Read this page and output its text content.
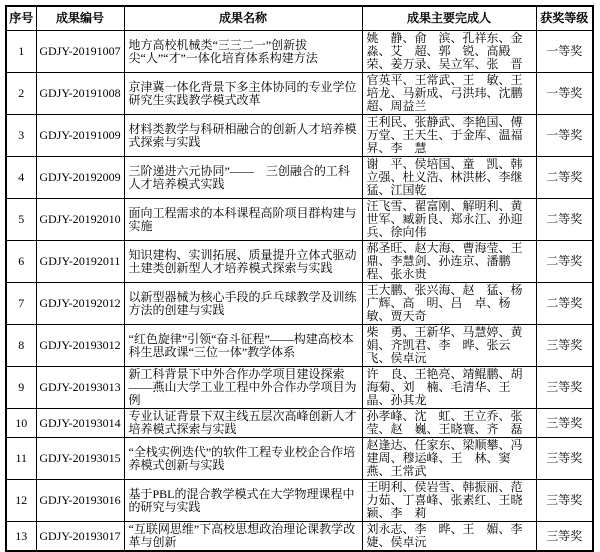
序号	成果编号	成果名称	成果主要完成人	获奖等级
1	GDJY-20191007	地方高校机械类“三三二一”创新拔尖“人”“才”一体化培育体系构建方法	姚　静、俞　滨、孔祥东、金　淼、艾　超、郭　锐、高殿荣、姜万录、吴立军、张　晋	一等奖
2	GDJY-20191008	京津冀一体化背景下多主体协同的专业学位研究生实践教学模式改革	官英平、王常武、王　敏、王培龙、马新成、弓洪玮、沈鹏超、周益兰	一等奖
3	GDJY-20191009	材料类教学与科研相融合的创新人才培养模式探索与实践	王利民、张静武、李艳国、傅万堂、王天生、于金库、温福昇、李　慧	一等奖
4	GDJY-20192009	三阶递进六元协同”——　三创融合的工科人才培养模式实践	谢　平、侯培国、童　凯、韩立强、杜义浩、林洪彬、李继猛、江国乾	二等奖
5	GDJY-20192010	面向工程需求的本科课程高阶项目群构建与实施	汪飞雪、翟富刚、解明利、黄世军、臧新良、郑永江、孙迎兵、徐向伟	二等奖
6	GDJY-20192011	知识建构、实训拓展、质量提升立体式驱动土建类创新型人才培养模式探索与实践	郝圣旺、赵大海、曹海莹、王　鼎、李慧剑、孙连京、潘鹏程、张永贵	二等奖
7	GDJY-20192012	以新型器械为核心手段的乒乓球教学及训练方法的创建与实践	王大鹏、张兴海、赵　猛、杨广辉、高　明、吕　卓、杨　敏、贾天奇	二等奖
8	GDJY-20193012	“红色旋律”引领“奋斗征程”——构建高校本科生思政课“三位一体”教学体系	柴　勇、王新华、马慧婷、黄　娟、齐凯君、李　晔、张云飞、侯卓沅	三等奖
9	GDJY-20193013	新工科背景下中外合作办学项目建设探索——燕山大学工业工程中外合作办学项目为例	许　良、王艳亮、靖鲲鹏、胡海菊、刘　楠、毛清华、王　晶、孙其龙	三等奖
10	GDJY-20193014	专业认证背景下双主线五层次高峰创新人才培养模式探索与实践	孙孝峰、沈　虹、王立乔、张　莹、赵　巍、王晓寰、齐　磊	三等奖
11	GDJY-20193015	“全栈实例迭代”的软件工程专业校企合作培养模式创新与实践	赵逢达、任家东、梁顺攀、冯建周、穆运峰、王　林、窦　燕、王常武	三等奖
12	GDJY-20193016	基于PBL的混合教学模式在大学物理课程中的研究与实践	王明利、侯岩雪、韩振丽、范力茹、丁喜峰、张素红、王晓颖、李　莉	三等奖
13	GDJY-20193017	“互联网思维”下高校思想政治理论课教学改革与创新	刘永志、李　晔、王　媚、李　婕、侯卓沅	三等奖
